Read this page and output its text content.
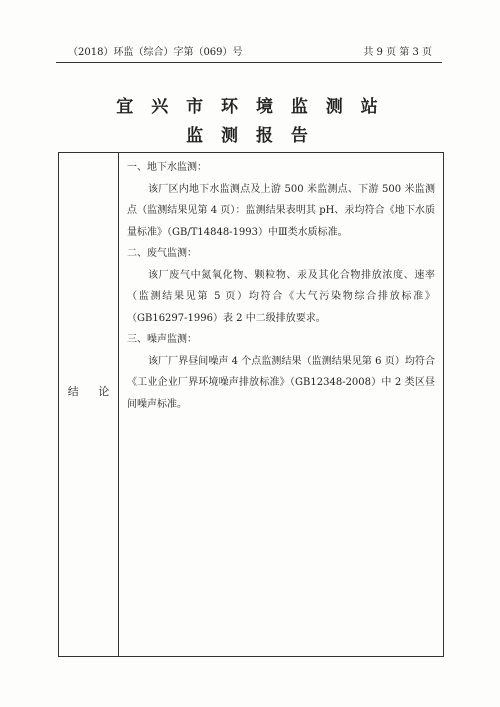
（2018）环监（综合）字第（069）号	共 9 页 第 3 页
宜 兴 市 环 境 监 测 站
监 测 报 告
结 论

一、地下水监测：

该厂区内地下水监测点及上游 500 米监测点、下游 500 米监测点（监测结果见第 4 页）：监测结果表明其 pH、汞均符合《地下水质量标准》（GB/T14848-1993）中Ⅲ类水质标准。

二、废气监测：

该厂废气中氮氧化物、颗粒物、汞及其化合物排放浓度、速率（监测结果见第 5 页）均符合《大气污染物综合排放标准》（GB16297-1996）表 2 中二级排放要求。

三、噪声监测：

该厂厂界昼间噪声 4 个点监测结果（监测结果见第 6 页）均符合《工业企业厂界环境噪声排放标准》（GB12348-2008）中 2 类区昼间噪声标准。
